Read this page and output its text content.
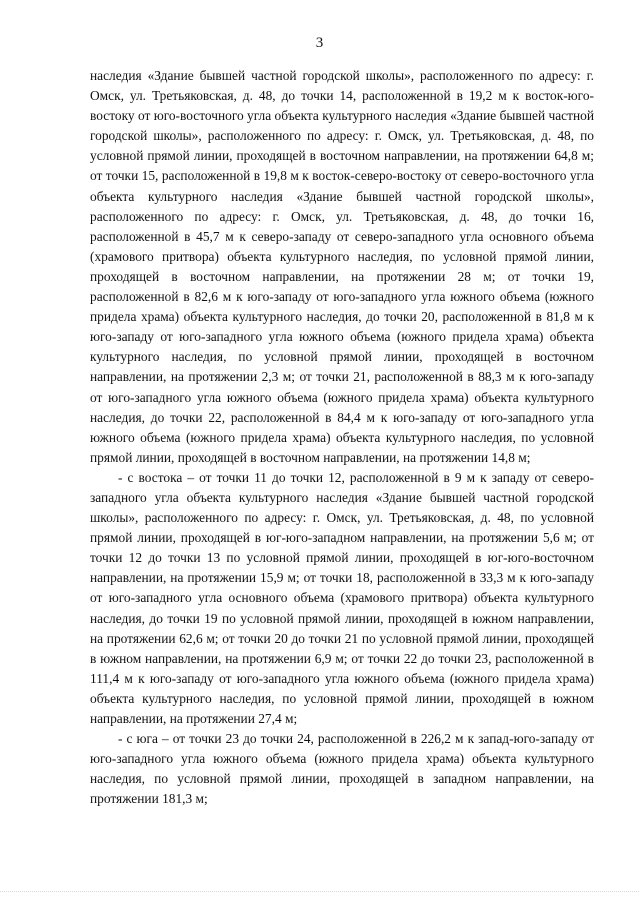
3

наследия «Здание бывшей частной городской школы», расположенного по адресу: г. Омск, ул. Третьяковская, д. 48, до точки 14, расположенной в 19,2 м к восток-юго-востоку от юго-восточного угла объекта культурного наследия «Здание бывшей частной городской школы», расположенного по адресу: г. Омск, ул. Третьяковская, д. 48, по условной прямой линии, проходящей в восточном направлении, на протяжении 64,8 м; от точки 15, расположенной в 19,8 м к восток-северо-востоку от северо-восточного угла объекта культурного наследия «Здание бывшей частной городской школы», расположенного по адресу: г. Омск, ул. Третьяковская, д. 48, до точки 16, расположенной в 45,7 м к северо-западу от северо-западного угла основного объема (храмового притвора) объекта культурного наследия, по условной прямой линии, проходящей в восточном направлении, на протяжении 28 м; от точки 19, расположенной в 82,6 м к юго-западу от юго-западного угла южного объема (южного придела храма) объекта культурного наследия, до точки 20, расположенной в 81,8 м к юго-западу от юго-западного угла южного объема (южного придела храма) объекта культурного наследия, по условной прямой линии, проходящей в восточном направлении, на протяжении 2,3 м; от точки 21, расположенной в 88,3 м к юго-западу от юго-западного угла южного объема (южного придела храма) объекта культурного наследия, до точки 22, расположенной в 84,4 м к юго-западу от юго-западного угла южного объема (южного придела храма) объекта культурного наследия, по условной прямой линии, проходящей в восточном направлении, на протяжении 14,8 м;

- с востока – от точки 11 до точки 12, расположенной в 9 м к западу от северо-западного угла объекта культурного наследия «Здание бывшей частной городской школы», расположенного по адресу: г. Омск, ул. Третьяковская, д. 48, по условной прямой линии, проходящей в юг-юго-западном направлении, на протяжении 5,6 м; от точки 12 до точки 13 по условной прямой линии, проходящей в юг-юго-восточном направлении, на протяжении 15,9 м; от точки 18, расположенной в 33,3 м к юго-западу от юго-западного угла основного объема (храмового притвора) объекта культурного наследия, до точки 19 по условной прямой линии, проходящей в южном направлении, на протяжении 62,6 м; от точки 20 до точки 21 по условной прямой линии, проходящей в южном направлении, на протяжении 6,9 м; от точки 22 до точки 23, расположенной в 111,4 м к юго-западу от юго-западного угла южного объема (южного придела храма) объекта культурного наследия, по условной прямой линии, проходящей в южном направлении, на протяжении 27,4 м;

- с юга – от точки 23 до точки 24, расположенной в 226,2 м к запад-юго-западу от юго-западного угла южного объема (южного придела храма) объекта культурного наследия, по условной прямой линии, проходящей в западном направлении, на протяжении 181,3 м;
